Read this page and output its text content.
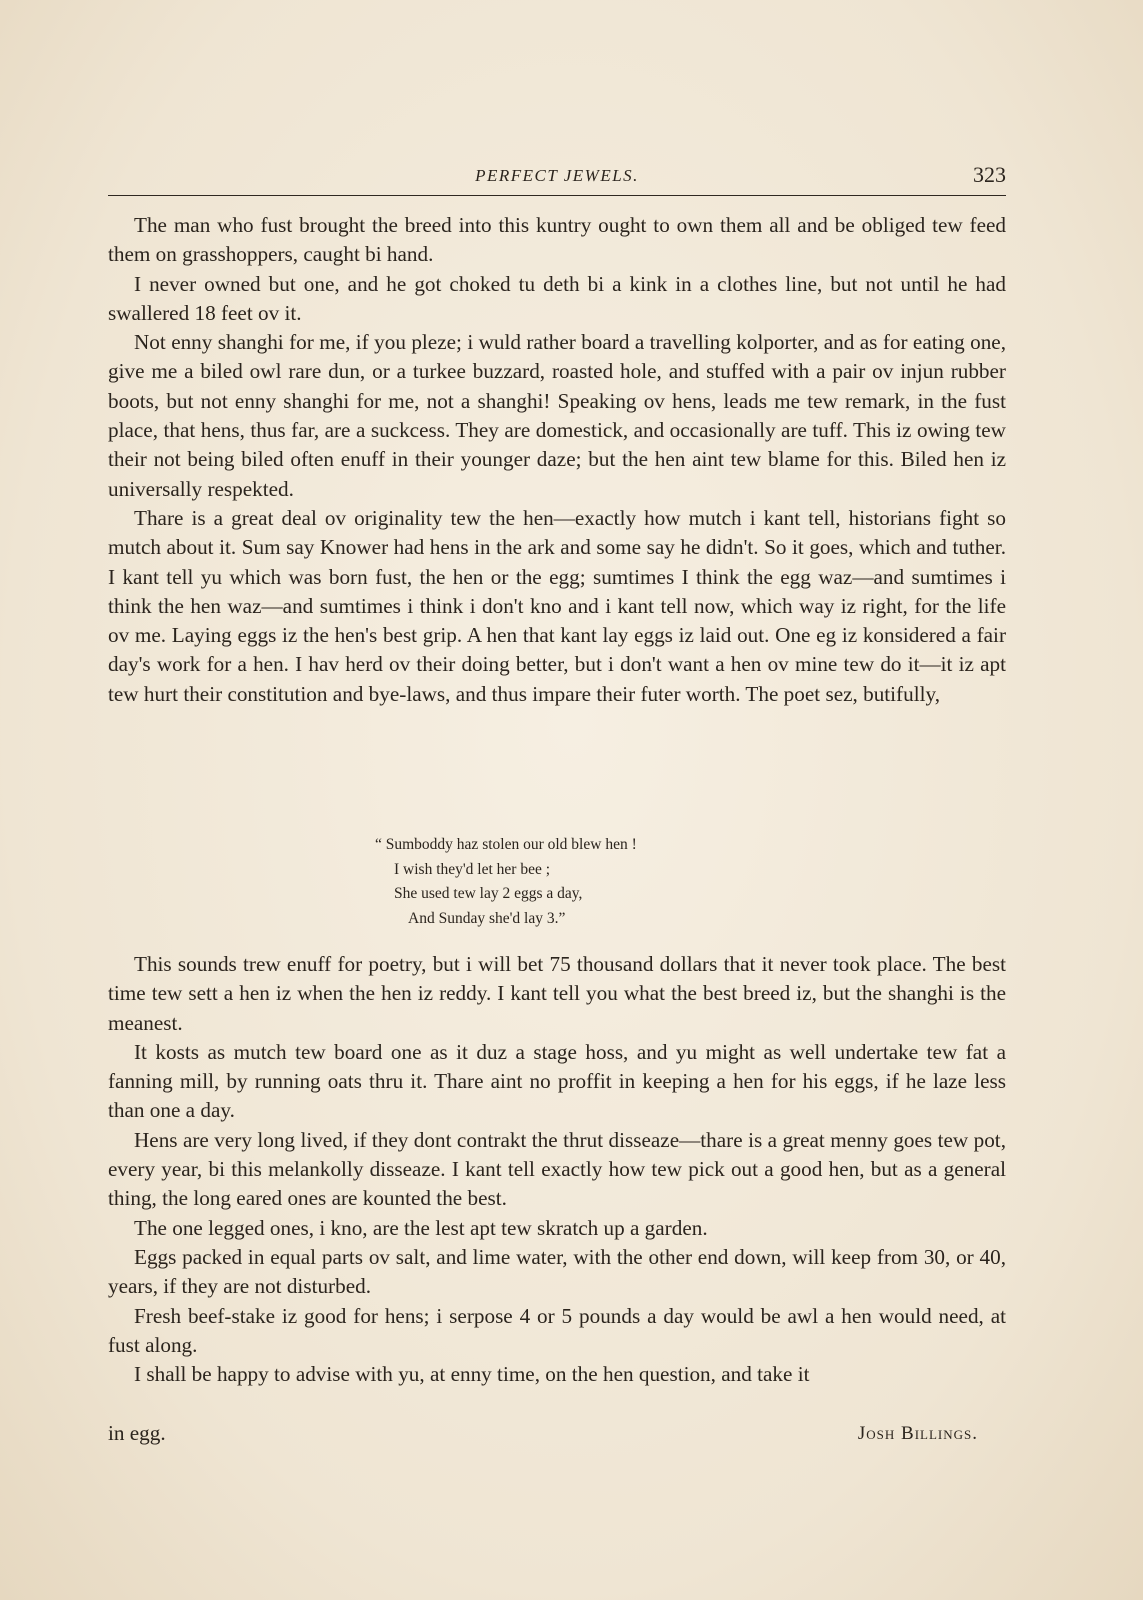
PERFECT JEWELS.	323

The man who fust brought the breed into this kuntry ought to own them all and be obliged tew feed them on grasshoppers, caught bi hand.

I never owned but one, and he got choked tu deth bi a kink in a clothes line, but not until he had swallered 18 feet ov it.

Not enny shanghi for me, if you pleze; i wuld rather board a travelling kolporter, and as for eating one, give me a biled owl rare dun, or a turkee buzzard, roasted hole, and stuffed with a pair ov injun rubber boots, but not enny shanghi for me, not a shanghi! Speaking ov hens, leads me tew remark, in the fust place, that hens, thus far, are a suckcess. They are domestick, and occasionally are tuff. This iz owing tew their not being biled often enuff in their younger daze; but the hen aint tew blame for this. Biled hen iz universally respekted.

Thare is a great deal ov originality tew the hen—exactly how mutch i kant tell, historians fight so mutch about it. Sum say Knower had hens in the ark and some say he didn't. So it goes, which and tuther. I kant tell yu which was born fust, the hen or the egg; sumtimes I think the egg waz—and sumtimes i think the hen waz—and sumtimes i think i don't kno and i kant tell now, which way iz right, for the life ov me. Laying eggs iz the hen's best grip. A hen that kant lay eggs iz laid out. One eg iz konsidered a fair day's work for a hen. I hav herd ov their doing better, but i don't want a hen ov mine tew do it—it iz apt tew hurt their constitution and bye-laws, and thus impare their futer worth. The poet sez, butifully,

“ Sumboddy haz stolen our old blew hen !
I wish they'd let her bee ;
She used tew lay 2 eggs a day,
And Sunday she'd lay 3.”

This sounds trew enuff for poetry, but i will bet 75 thousand dollars that it never took place. The best time tew sett a hen iz when the hen iz reddy. I kant tell you what the best breed iz, but the shanghi is the meanest.

It kosts as mutch tew board one as it duz a stage hoss, and yu might as well undertake tew fat a fanning mill, by running oats thru it. Thare aint no proffit in keeping a hen for his eggs, if he laze less than one a day.

Hens are very long lived, if they dont contrakt the thrut disseaze—thare is a great menny goes tew pot, every year, bi this melankolly disseaze. I kant tell exactly how tew pick out a good hen, but as a general thing, the long eared ones are kounted the best.

The one legged ones, i kno, are the lest apt tew skratch up a garden.

Eggs packed in equal parts ov salt, and lime water, with the other end down, will keep from 30, or 40, years, if they are not disturbed.

Fresh beef-stake iz good for hens; i serpose 4 or 5 pounds a day would be awl a hen would need, at fust along.

I shall be happy to advise with yu, at enny time, on the hen question, and take it

in egg.	Josh Billings.
